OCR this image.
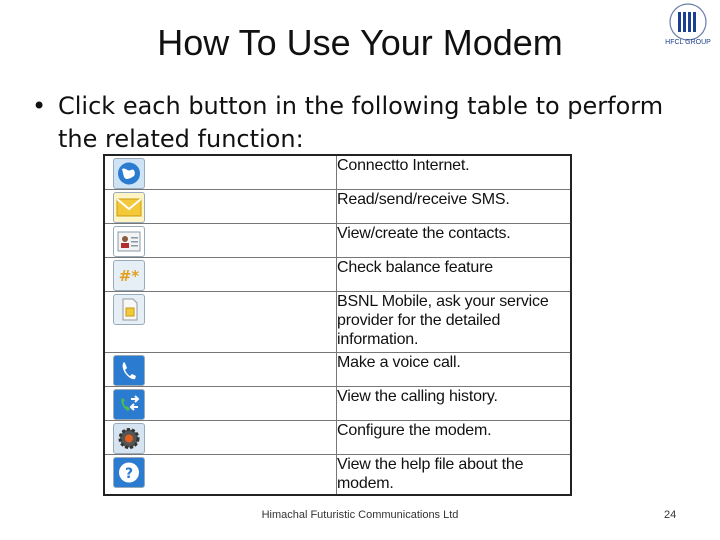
How To Use Your Modem	HFCL GROUP
• Click each button in the following table to perform the related function:
	Connectto Internet.

	Read/send/receive SMS.

	View/create the contacts.

#*	Check balance feature

	BSNL Mobile, ask your service provider for the detailed information.

	Make a voice call.

	View the calling history.

	Configure the modem.

?	View the help file about the modem.
Himachal Futuristic Communications Ltd	24
